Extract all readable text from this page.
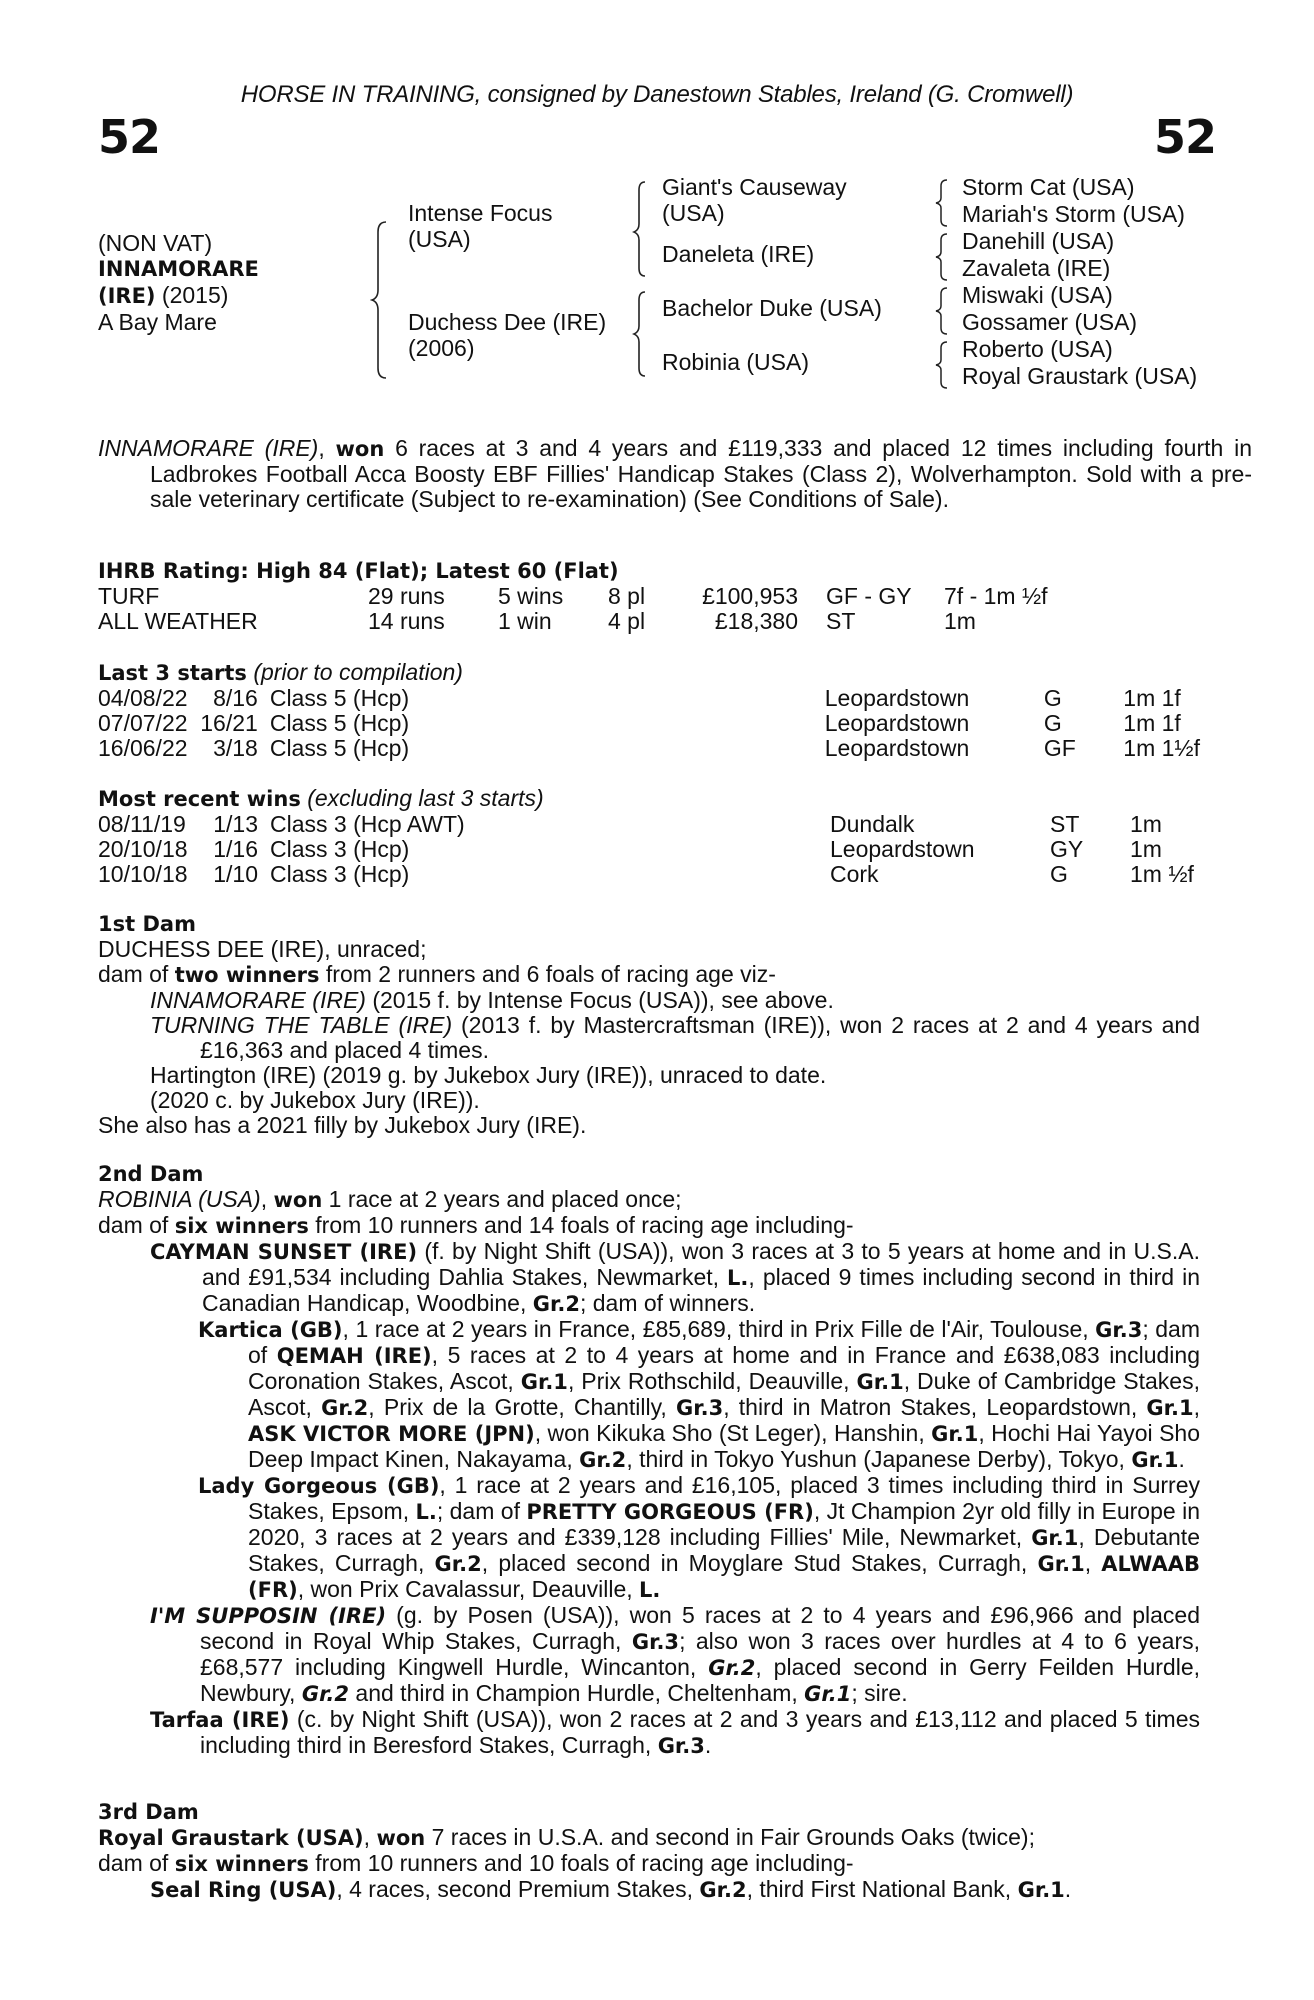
HORSE IN TRAINING, consigned by Danestown Stables, Ireland (G. Cromwell)
52	52
(NON VAT)
INNAMORARE
(IRE) (2015)
A Bay Mare
Intense Focus
(USA)
Duchess Dee (IRE)
(2006)
Giant's Causeway
(USA)
Daneleta (IRE)
Bachelor Duke (USA)
Robinia (USA)
Storm Cat (USA)
Mariah's Storm (USA)
Danehill (USA)
Zavaleta (IRE)
Miswaki (USA)
Gossamer (USA)
Roberto (USA)
Royal Graustark (USA)
INNAMORARE (IRE), won 6 races at 3 and 4 years and £119,333 and placed 12 times including fourth in Ladbrokes Football Acca Boosty EBF Fillies' Handicap Stakes (Class 2), Wolverhampton. Sold with a pre-sale veterinary certificate (Subject to re-examination) (See Conditions of Sale).
IHRB Rating: High 84 (Flat); Latest 60 (Flat)
TURF	29 runs	5 wins	8 pl	£100,953	GF - GY	7f - 1m ½f
ALL WEATHER	14 runs	1 win	4 pl	£18,380	ST	1m
Last 3 starts (prior to compilation)
04/08/22	8/16	Class 5 (Hcp)	Leopardstown	G	1m 1f
07/07/22	16/21	Class 5 (Hcp)	Leopardstown	G	1m 1f
16/06/22	3/18	Class 5 (Hcp)	Leopardstown	GF	1m 1½f
Most recent wins (excluding last 3 starts)
08/11/19	1/13	Class 3 (Hcp AWT)	Dundalk	ST	1m
20/10/18	1/16	Class 3 (Hcp)	Leopardstown	GY	1m
10/10/18	1/10	Class 3 (Hcp)	Cork	G	1m ½f
1st Dam
DUCHESS DEE (IRE), unraced;
dam of two winners from 2 runners and 6 foals of racing age viz-
INNAMORARE (IRE) (2015 f. by Intense Focus (USA)), see above.
TURNING THE TABLE (IRE) (2013 f. by Mastercraftsman (IRE)), won 2 races at 2 and 4 years and £16,363 and placed 4 times.
Hartington (IRE) (2019 g. by Jukebox Jury (IRE)), unraced to date.
(2020 c. by Jukebox Jury (IRE)).
She also has a 2021 filly by Jukebox Jury (IRE).
2nd Dam
ROBINIA (USA), won 1 race at 2 years and placed once;
dam of six winners from 10 runners and 14 foals of racing age including-
CAYMAN SUNSET (IRE) (f. by Night Shift (USA)), won 3 races at 3 to 5 years at home and in U.S.A. and £91,534 including Dahlia Stakes, Newmarket, L., placed 9 times including second in third in Canadian Handicap, Woodbine, Gr.2; dam of winners.
Kartica (GB), 1 race at 2 years in France, £85,689, third in Prix Fille de l'Air, Toulouse, Gr.3; dam of QEMAH (IRE), 5 races at 2 to 4 years at home and in France and £638,083 including Coronation Stakes, Ascot, Gr.1, Prix Rothschild, Deauville, Gr.1, Duke of Cambridge Stakes, Ascot, Gr.2, Prix de la Grotte, Chantilly, Gr.3, third in Matron Stakes, Leopardstown, Gr.1, ASK VICTOR MORE (JPN), won Kikuka Sho (St Leger), Hanshin, Gr.1, Hochi Hai Yayoi Sho Deep Impact Kinen, Nakayama, Gr.2, third in Tokyo Yushun (Japanese Derby), Tokyo, Gr.1.
Lady Gorgeous (GB), 1 race at 2 years and £16,105, placed 3 times including third in Surrey Stakes, Epsom, L.; dam of PRETTY GORGEOUS (FR), Jt Champion 2yr old filly in Europe in 2020, 3 races at 2 years and £339,128 including Fillies' Mile, Newmarket, Gr.1, Debutante Stakes, Curragh, Gr.2, placed second in Moyglare Stud Stakes, Curragh, Gr.1, ALWAAB (FR), won Prix Cavalassur, Deauville, L.
I'M SUPPOSIN (IRE) (g. by Posen (USA)), won 5 races at 2 to 4 years and £96,966 and placed second in Royal Whip Stakes, Curragh, Gr.3; also won 3 races over hurdles at 4 to 6 years, £68,577 including Kingwell Hurdle, Wincanton, Gr.2, placed second in Gerry Feilden Hurdle, Newbury, Gr.2 and third in Champion Hurdle, Cheltenham, Gr.1; sire.
Tarfaa (IRE) (c. by Night Shift (USA)), won 2 races at 2 and 3 years and £13,112 and placed 5 times including third in Beresford Stakes, Curragh, Gr.3.
3rd Dam
Royal Graustark (USA), won 7 races in U.S.A. and second in Fair Grounds Oaks (twice);
dam of six winners from 10 runners and 10 foals of racing age including-
Seal Ring (USA), 4 races, second Premium Stakes, Gr.2, third First National Bank, Gr.1.
